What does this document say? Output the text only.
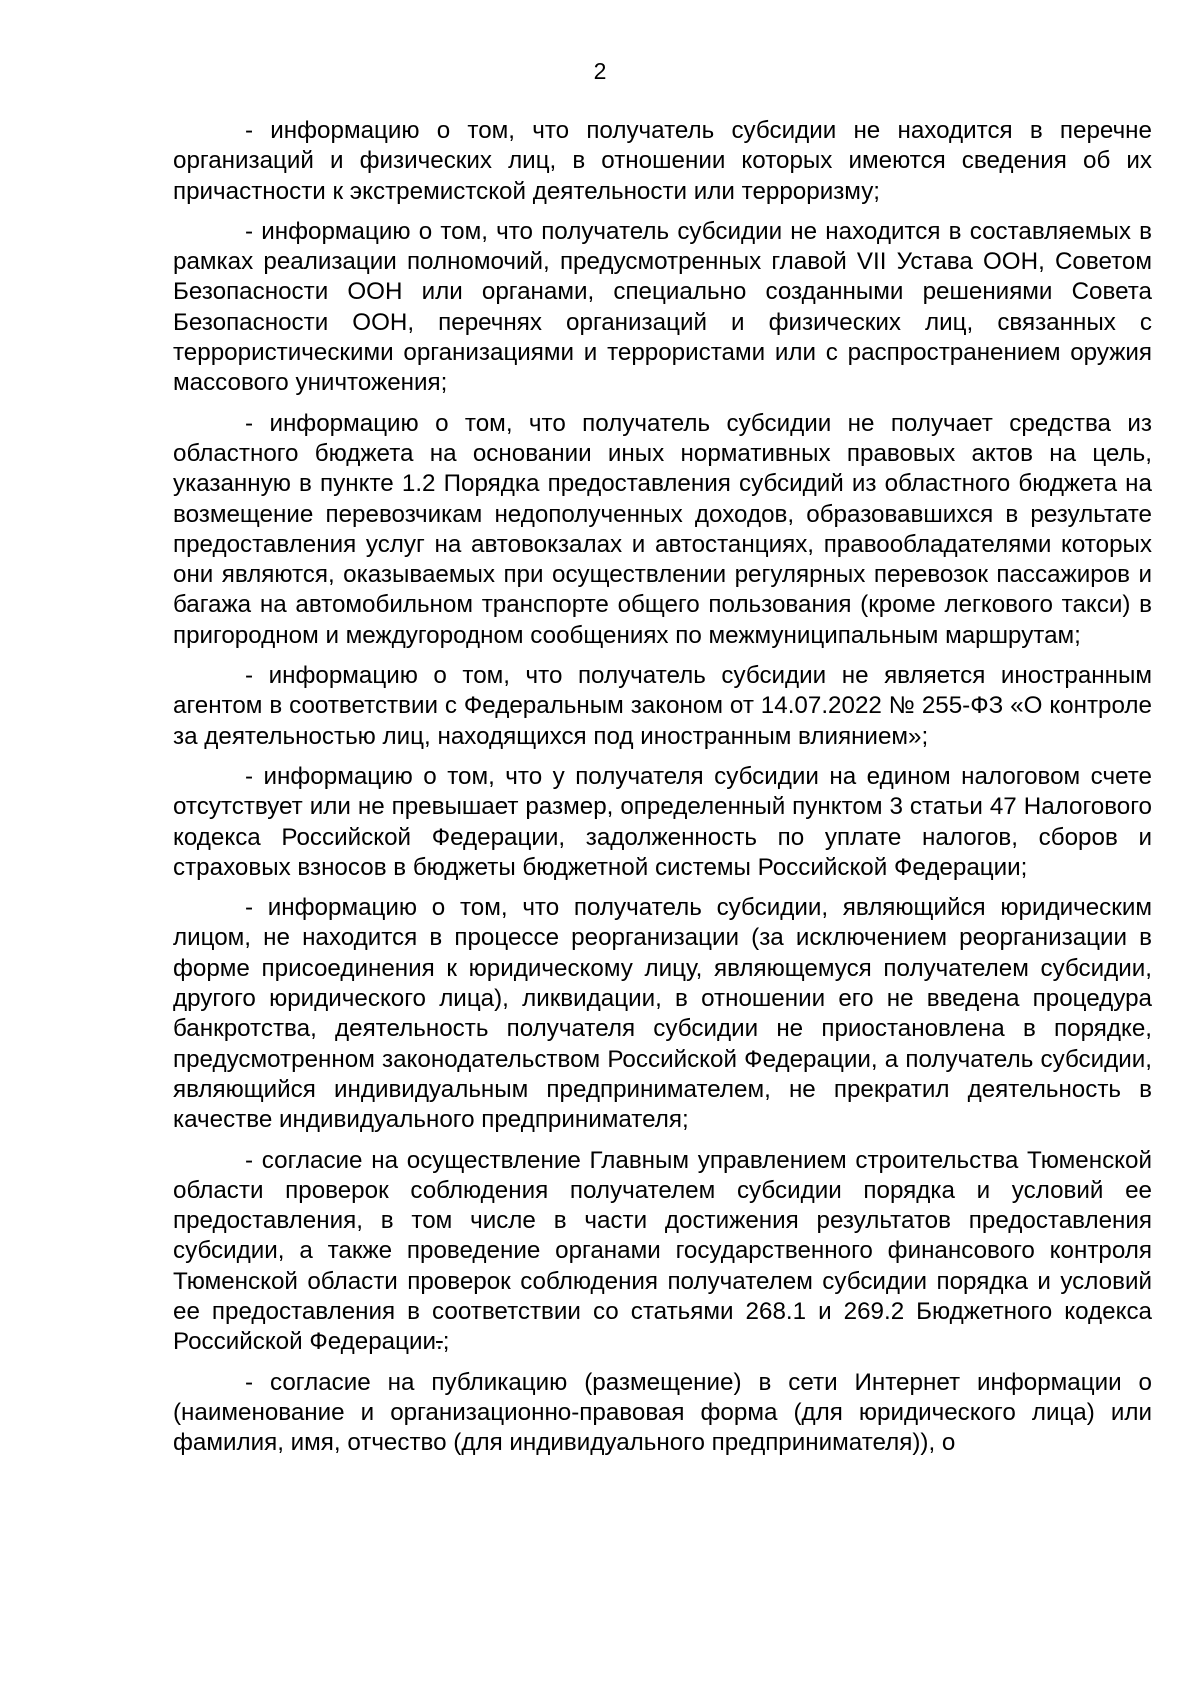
2

- информацию о том, что получатель субсидии не находится в перечне организаций и физических лиц, в отношении которых имеются сведения об их причастности к экстремистской деятельности или терроризму;

- информацию о том, что получатель субсидии не находится в составляемых в рамках реализации полномочий, предусмотренных главой VII Устава ООН, Советом Безопасности ООН или органами, специально созданными решениями Совета Безопасности ООН, перечнях организаций и физических лиц, связанных с террористическими организациями и террористами или с распространением оружия массового уничтожения;

- информацию о том, что получатель субсидии не получает средства из областного бюджета на основании иных нормативных правовых актов на цель, указанную в пункте 1.2 Порядка предоставления субсидий из областного бюджета на возмещение перевозчикам недополученных доходов, образовавшихся в результате предоставления услуг на автовокзалах и автостанциях, правообладателями которых они являются, оказываемых при осуществлении регулярных перевозок пассажиров и багажа на автомобильном транспорте общего пользования (кроме легкового такси) в пригородном и междугородном сообщениях по межмуниципальным маршрутам;

- информацию о том, что получатель субсидии не является иностранным агентом в соответствии с Федеральным законом от 14.07.2022 № 255-ФЗ «О контроле за деятельностью лиц, находящихся под иностранным влиянием»;

- информацию о том, что у получателя субсидии на едином налоговом счете отсутствует или не превышает размер, определенный пунктом 3 статьи 47 Налогового кодекса Российской Федерации, задолженность по уплате налогов, сборов и страховых взносов в бюджеты бюджетной системы Российской Федерации;

- информацию о том, что получатель субсидии, являющийся юридическим лицом, не находится в процессе реорганизации (за исключением реорганизации в форме присоединения к юридическому лицу, являющемуся получателем субсидии, другого юридического лица), ликвидации, в отношении его не введена процедура банкротства, деятельность получателя субсидии не приостановлена в порядке, предусмотренном законодательством Российской Федерации, а получатель субсидии, являющийся индивидуальным предпринимателем, не прекратил деятельность в качестве индивидуального предпринимателя;

- согласие на осуществление Главным управлением строительства Тюменской области проверок соблюдения получателем субсидии порядка и условий ее предоставления, в том числе в части достижения результатов предоставления субсидии, а также проведение органами государственного финансового контроля Тюменской области проверок соблюдения получателем субсидии порядка и условий ее предоставления в соответствии со статьями 268.1 и 269.2 Бюджетного кодекса Российской Федерации.;

- согласие на публикацию (размещение) в сети Интернет информации о (наименование и организационно-правовая форма (для юридического лица) или фамилия, имя, отчество (для индивидуального предпринимателя)), о
